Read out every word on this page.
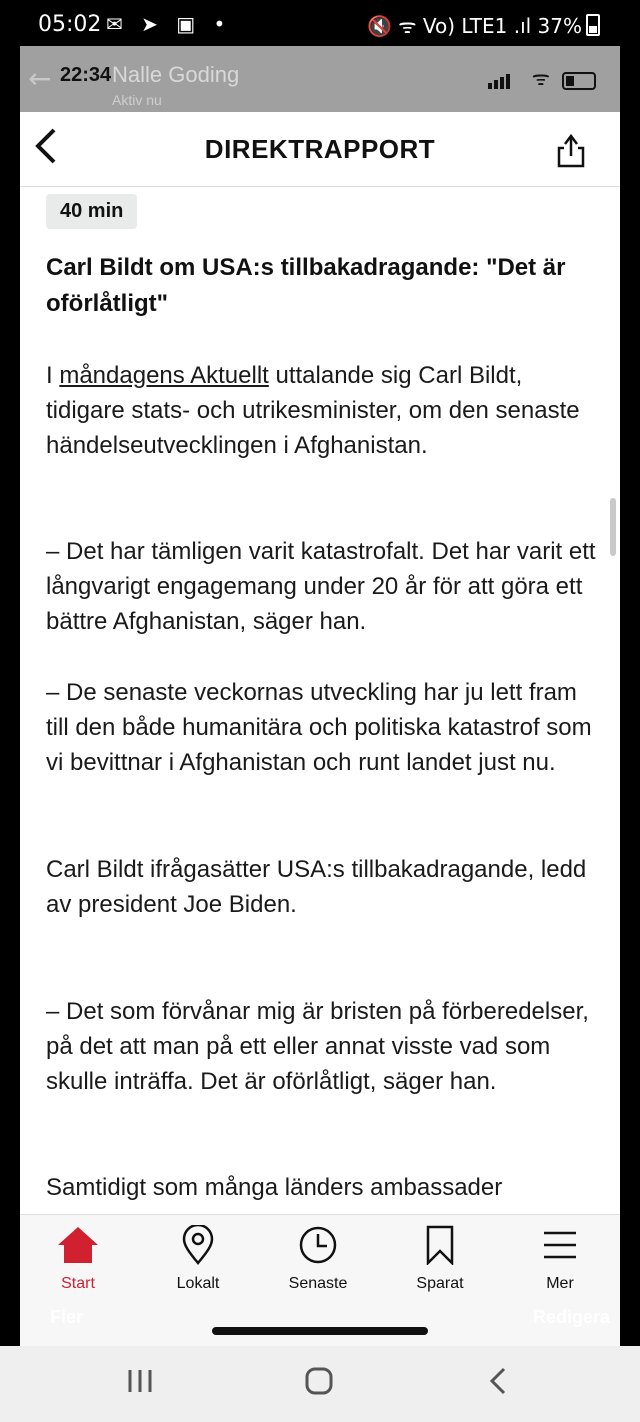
05:02 ✉ ➤ ▣ •	🔇 ᯤ Vo) LTE1 .ıl 37%
← 22:34 Nalle Goding
Aktiv nu
ᯤ
DIREKTRAPPORT
40 min
Carl Bildt om USA:s tillbakadragande: "Det är oförlåtligt"
I måndagens Aktuellt uttalande sig Carl Bildt, tidigare stats- och utrikesminister, om den senaste händelseutvecklingen i Afghanistan.
– Det har tämligen varit katastrofalt. Det har varit ett långvarigt engagemang under 20 år för att göra ett bättre Afghanistan, säger han.
– De senaste veckornas utveckling har ju lett fram till den både humanitära och politiska katastrof som vi bevittnar i Afghanistan och runt landet just nu.
Carl Bildt ifrågasätter USA:s tillbakadragande, ledd av president Joe Biden.
– Det som förvånar mig är bristen på förberedelser, på det att man på ett eller annat visste vad som skulle inträffa. Det är oförlåtligt, säger han.
Samtidigt som många länders ambassader
Start	Lokalt	Senaste	Sparat	Mer
Fler	Redigera
